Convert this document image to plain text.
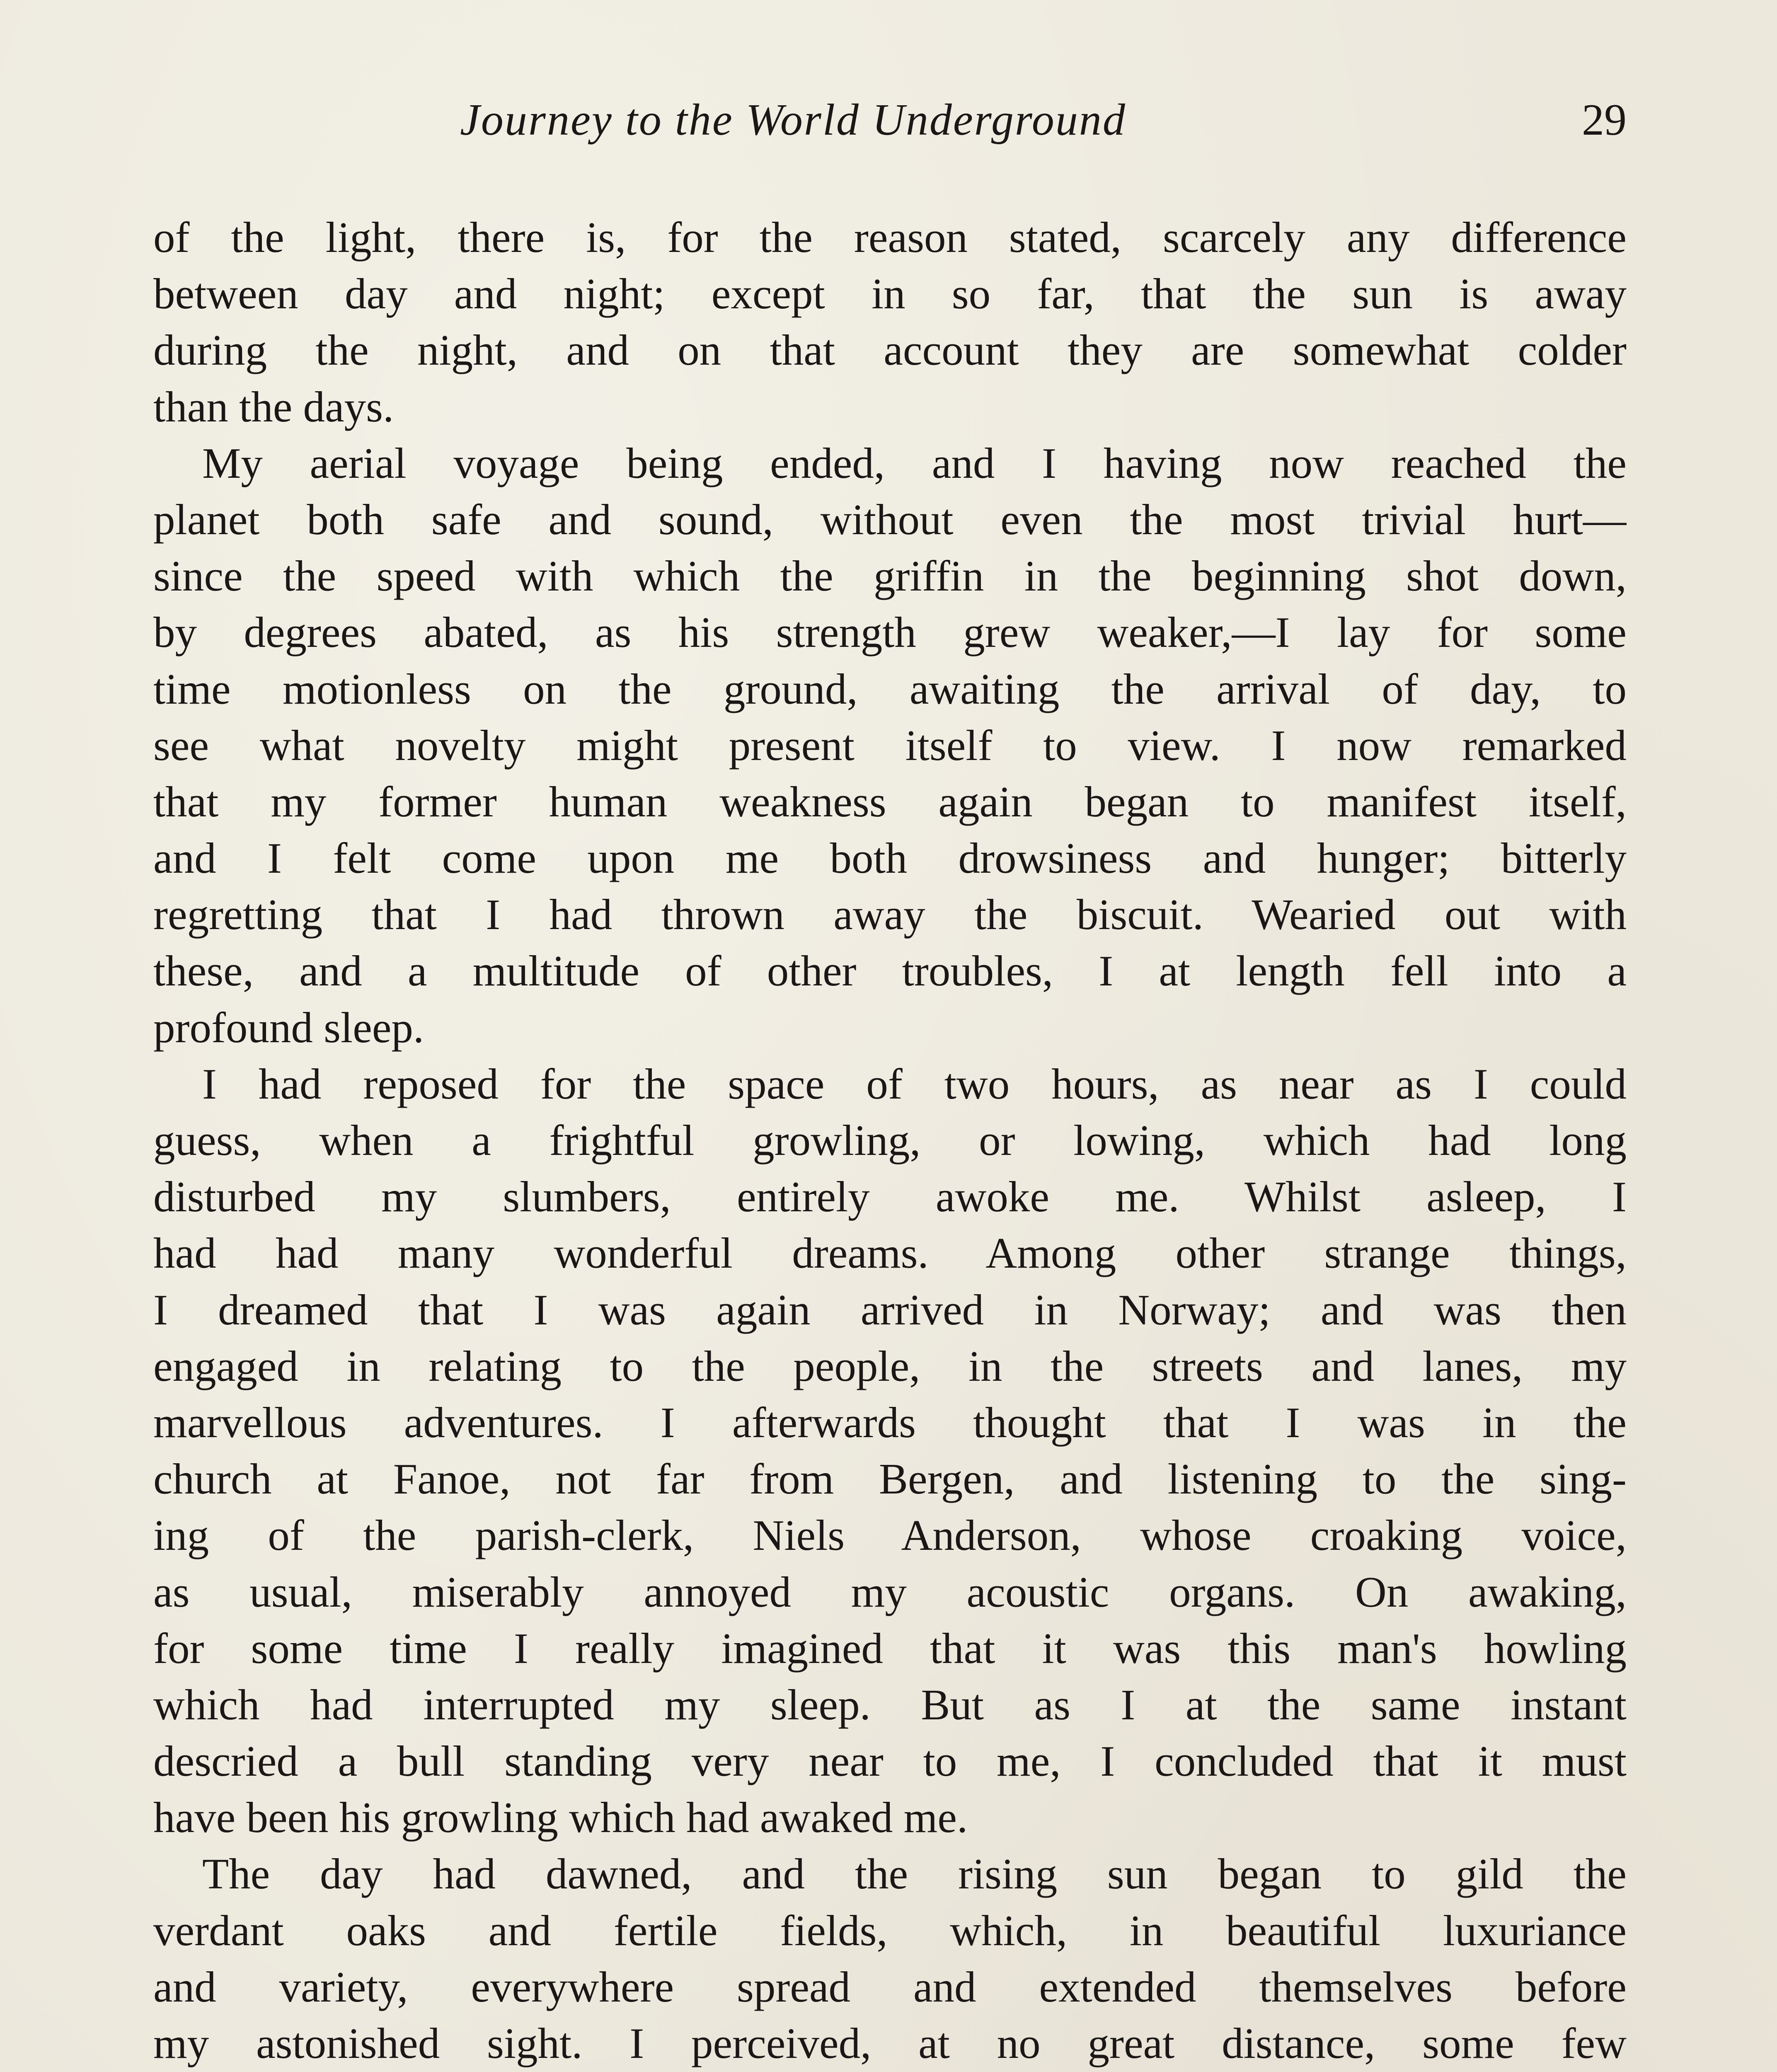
Journey to the World Underground	29

of the light, there is, for the reason stated, scarcely any difference
between day and night; except in so far, that the sun is away
during the night, and on that account they are somewhat colder
than the days.

My aerial voyage being ended, and I having now reached the
planet both safe and sound, without even the most trivial hurt—
since the speed with which the griffin in the beginning shot down,
by degrees abated, as his strength grew weaker,—I lay for some
time motionless on the ground, awaiting the arrival of day, to
see what novelty might present itself to view. I now remarked
that my former human weakness again began to manifest itself,
and I felt come upon me both drowsiness and hunger; bitterly
regretting that I had thrown away the biscuit. Wearied out with
these, and a multitude of other troubles, I at length fell into a
profound sleep.

I had reposed for the space of two hours, as near as I could
guess, when a frightful growling, or lowing, which had long
disturbed my slumbers, entirely awoke me. Whilst asleep, I
had had many wonderful dreams. Among other strange things,
I dreamed that I was again arrived in Norway; and was then
engaged in relating to the people, in the streets and lanes, my
marvellous adventures. I afterwards thought that I was in the
church at Fanoe, not far from Bergen, and listening to the sing-
ing of the parish-clerk, Niels Anderson, whose croaking voice,
as usual, miserably annoyed my acoustic organs. On awaking,
for some time I really imagined that it was this man's howling
which had interrupted my sleep. But as I at the same instant
descried a bull standing very near to me, I concluded that it must
have been his growling which had awaked me.

The day had dawned, and the rising sun began to gild the
verdant oaks and fertile fields, which, in beautiful luxuriance
and variety, everywhere spread and extended themselves before
my astonished sight. I perceived, at no great distance, some few
